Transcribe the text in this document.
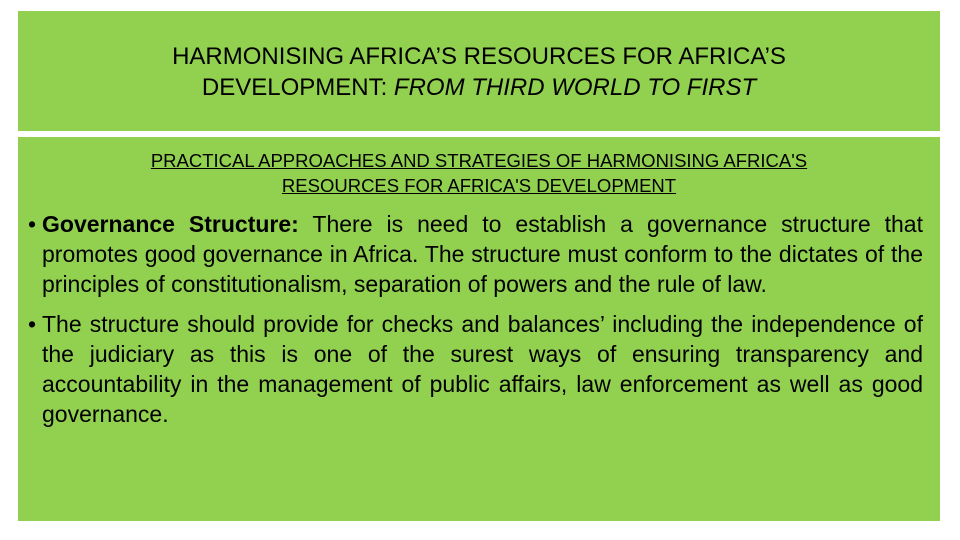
HARMONISING AFRICA’S RESOURCES FOR AFRICA’S
DEVELOPMENT: FROM THIRD WORLD TO FIRST
PRACTICAL APPROACHES AND STRATEGIES OF HARMONISING AFRICA'S
RESOURCES FOR AFRICA'S DEVELOPMENT
• Governance Structure: There is need to establish a governance structure that promotes good governance in Africa. The structure must conform to the dictates of the principles of constitutionalism, separation of powers and the rule of law.
• The structure should provide for checks and balances’ including the independence of the judiciary as this is one of the surest ways of ensuring transparency and accountability in the management of public affairs, law enforcement as well as good governance.
